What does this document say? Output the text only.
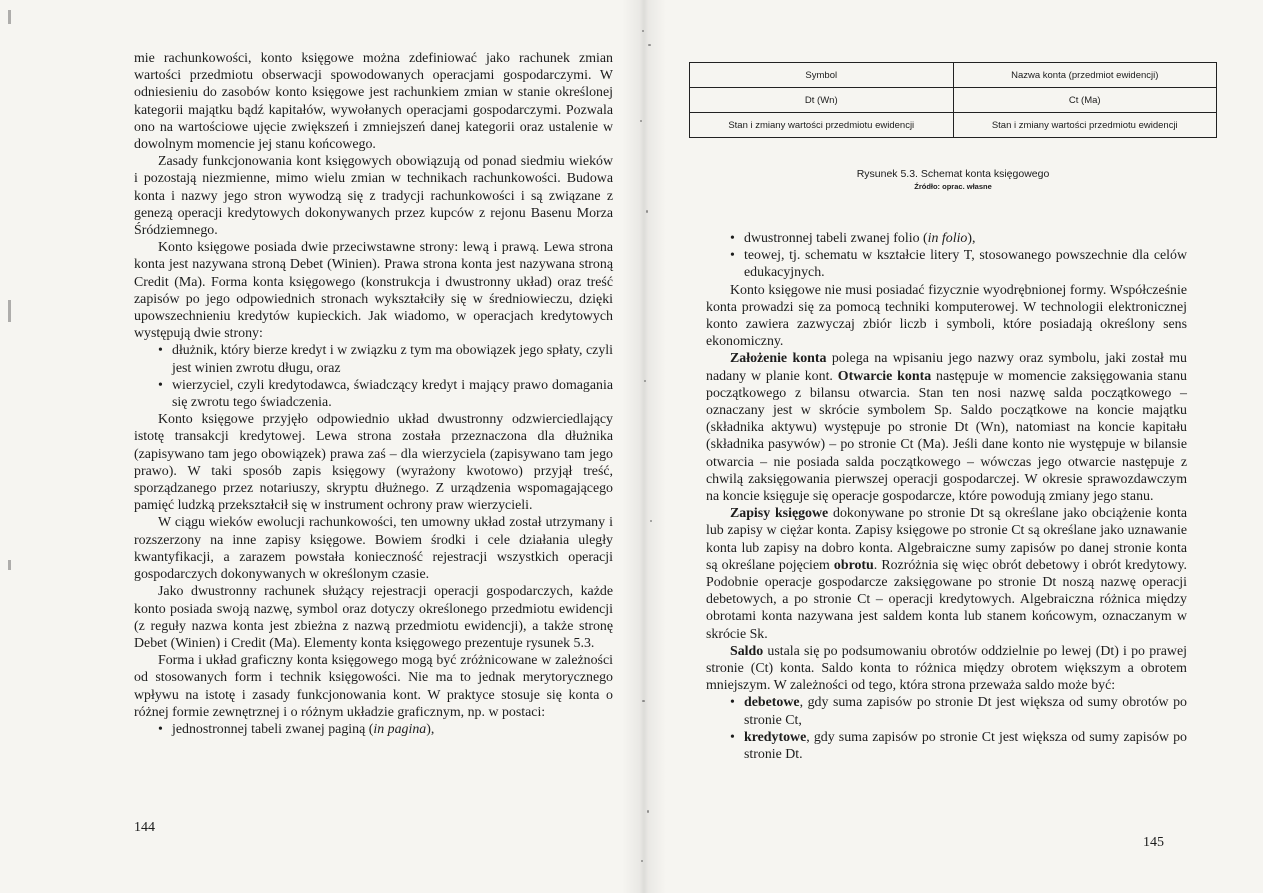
mie rachunkowości, konto księgowe można zdefiniować jako rachunek zmian wartości przedmiotu obserwacji spowodowanych operacjami gospodarczymi. W odniesieniu do zasobów konto księgowe jest rachunkiem zmian w stanie określonej kategorii majątku bądź kapitałów, wywołanych operacjami gospodarczymi. Pozwala ono na wartościowe ujęcie zwiększeń i zmniejszeń danej kategorii oraz ustalenie w dowolnym momencie jej stanu końcowego.

Zasady funkcjonowania kont księgowych obowiązują od ponad siedmiu wieków i pozostają niezmienne, mimo wielu zmian w technikach rachunkowości. Budowa konta i nazwy jego stron wywodzą się z tradycji rachunkowości i są związane z genezą operacji kredytowych dokonywanych przez kupców z rejonu Basenu Morza Śródziemnego.

Konto księgowe posiada dwie przeciwstawne strony: lewą i prawą. Lewa strona konta jest nazywana stroną Debet (Winien). Prawa strona konta jest nazywana stroną Credit (Ma). Forma konta księgowego (konstrukcja i dwustronny układ) oraz treść zapisów po jego odpowiednich stronach wykształciły się w średniowieczu, dzięki upowszechnieniu kredytów kupieckich. Jak wiadomo, w operacjach kredytowych występują dwie strony:

• dłużnik, który bierze kredyt i w związku z tym ma obowiązek jego spłaty, czyli jest winien zwrotu długu, oraz
• wierzyciel, czyli kredytodawca, świadczący kredyt i mający prawo domagania się zwrotu tego świadczenia.

Konto księgowe przyjęło odpowiednio układ dwustronny odzwierciedlający istotę transakcji kredytowej. Lewa strona została przeznaczona dla dłużnika (zapisywano tam jego obowiązek) prawa zaś – dla wierzyciela (zapisywano tam jego prawo). W taki sposób zapis księgowy (wyrażony kwotowo) przyjął treść, sporządzanego przez notariuszy, skryptu dłużnego. Z urządzenia wspomagającego pamięć ludzką przekształcił się w instrument ochrony praw wierzycieli.

W ciągu wieków ewolucji rachunkowości, ten umowny układ został utrzymany i rozszerzony na inne zapisy księgowe. Bowiem środki i cele działania uległy kwantyfikacji, a zarazem powstała konieczność rejestracji wszystkich operacji gospodarczych dokonywanych w określonym czasie.

Jako dwustronny rachunek służący rejestracji operacji gospodarczych, każde konto posiada swoją nazwę, symbol oraz dotyczy określonego przedmiotu ewidencji (z reguły nazwa konta jest zbieżna z nazwą przedmiotu ewidencji), a także stronę Debet (Winien) i Credit (Ma). Elementy konta księgowego prezentuje rysunek 5.3.

Forma i układ graficzny konta księgowego mogą być zróżnicowane w zależności od stosowanych form i technik księgowości. Nie ma to jednak merytorycznego wpływu na istotę i zasady funkcjonowania kont. W praktyce stosuje się konta o różnej formie zewnętrznej i o różnym układzie graficznym, np. w postaci:

• jednostronnej tabeli zwanej paginą (in pagina),
144
Symbol	Nazwa konta (przedmiot ewidencji)
Dt (Wn)	Ct (Ma)
Stan i zmiany wartości przedmiotu ewidencji	Stan i zmiany wartości przedmiotu ewidencji
Rysunek 5.3. Schemat konta księgowego
Źródło: oprac. własne
• dwustronnej tabeli zwanej folio (in folio),
• teowej, tj. schematu w kształcie litery T, stosowanego powszechnie dla celów edukacyjnych.

Konto księgowe nie musi posiadać fizycznie wyodrębnionej formy. Współcześnie konta prowadzi się za pomocą techniki komputerowej. W technologii elektronicznej konto zawiera zazwyczaj zbiór liczb i symboli, które posiadają określony sens ekonomiczny.

Założenie konta polega na wpisaniu jego nazwy oraz symbolu, jaki został mu nadany w planie kont. Otwarcie konta następuje w momencie zaksięgowania stanu początkowego z bilansu otwarcia. Stan ten nosi nazwę salda początkowego – oznaczany jest w skrócie symbolem Sp. Saldo początkowe na koncie majątku (składnika aktywu) występuje po stronie Dt (Wn), natomiast na koncie kapitału (składnika pasywów) – po stronie Ct (Ma). Jeśli dane konto nie występuje w bilansie otwarcia – nie posiada salda początkowego – wówczas jego otwarcie następuje z chwilą zaksięgowania pierwszej operacji gospodarczej. W okresie sprawozdawczym na koncie księguje się operacje gospodarcze, które powodują zmiany jego stanu.

Zapisy księgowe dokonywane po stronie Dt są określane jako obciążenie konta lub zapisy w ciężar konta. Zapisy księgowe po stronie Ct są określane jako uznawanie konta lub zapisy na dobro konta. Algebraiczne sumy zapisów po danej stronie konta są określane pojęciem obrotu. Rozróżnia się więc obrót debetowy i obrót kredytowy. Podobnie operacje gospodarcze zaksięgowane po stronie Dt noszą nazwę operacji debetowych, a po stronie Ct – operacji kredytowych. Algebraiczna różnica między obrotami konta nazywana jest saldem konta lub stanem końcowym, oznaczanym w skrócie Sk.

Saldo ustala się po podsumowaniu obrotów oddzielnie po lewej (Dt) i po prawej stronie (Ct) konta. Saldo konta to różnica między obrotem większym a obrotem mniejszym. W zależności od tego, która strona przeważa saldo może być:

• debetowe, gdy suma zapisów po stronie Dt jest większa od sumy obrotów po stronie Ct,
• kredytowe, gdy suma zapisów po stronie Ct jest większa od sumy zapisów po stronie Dt.
145
